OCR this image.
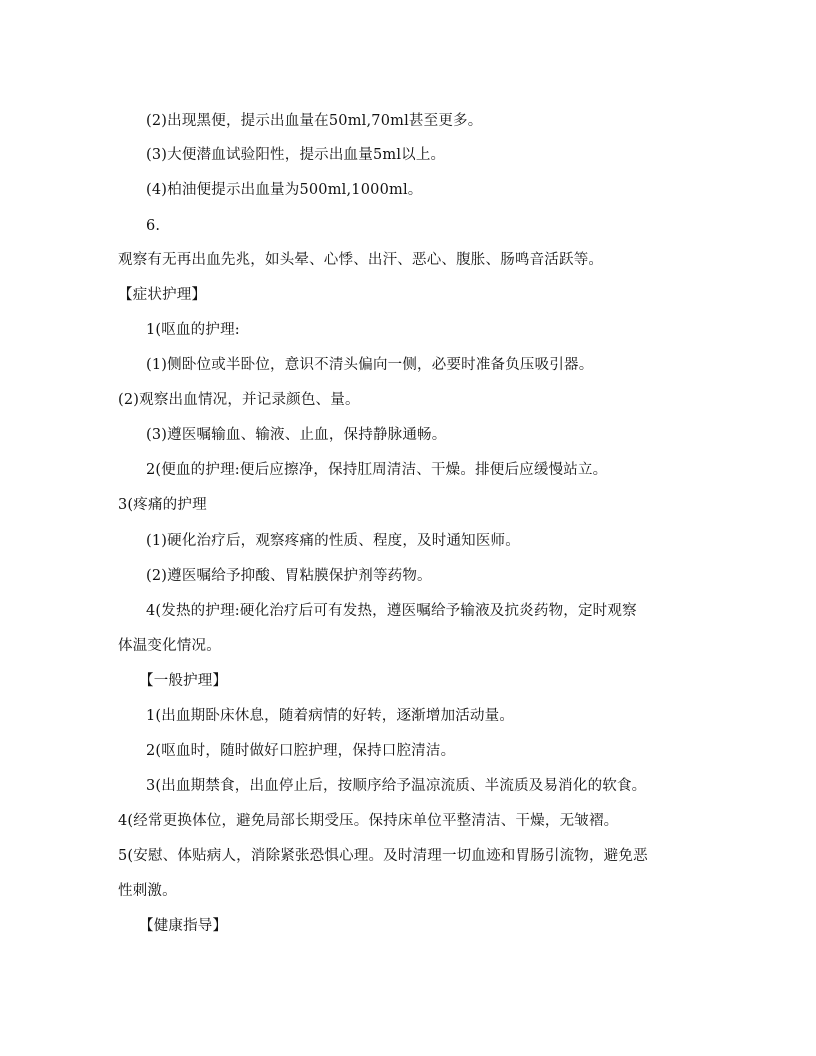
(2)出现黑便，提示出血量在50ml,70ml甚至更多。
(3)大便潜血试验阳性，提示出血量5ml以上。
(4)柏油便提示出血量为500ml,1000ml。
6.
观察有无再出血先兆，如头晕、心悸、出汗、恶心、腹胀、肠鸣音活跃等。
【症状护理】
1(呕血的护理:
(1)侧卧位或半卧位，意识不清头偏向一侧，必要时准备负压吸引器。
(2)观察出血情况，并记录颜色、量。
(3)遵医嘱输血、输液、止血，保持静脉通畅。
2(便血的护理:便后应擦净，保持肛周清洁、干燥。排便后应缓慢站立。
3(疼痛的护理
(1)硬化治疗后，观察疼痛的性质、程度，及时通知医师。
(2)遵医嘱给予抑酸、胃粘膜保护剂等药物。
4(发热的护理:硬化治疗后可有发热，遵医嘱给予输液及抗炎药物，定时观察
体温变化情况。
【一般护理】
1(出血期卧床休息，随着病情的好转，逐渐增加活动量。
2(呕血时，随时做好口腔护理，保持口腔清洁。
3(出血期禁食，出血停止后，按顺序给予温凉流质、半流质及易消化的软食。
4(经常更换体位，避免局部长期受压。保持床单位平整清洁、干燥，无皱褶。
5(安慰、体贴病人，消除紧张恐惧心理。及时清理一切血迹和胃肠引流物，避免恶
性刺激。
【健康指导】
